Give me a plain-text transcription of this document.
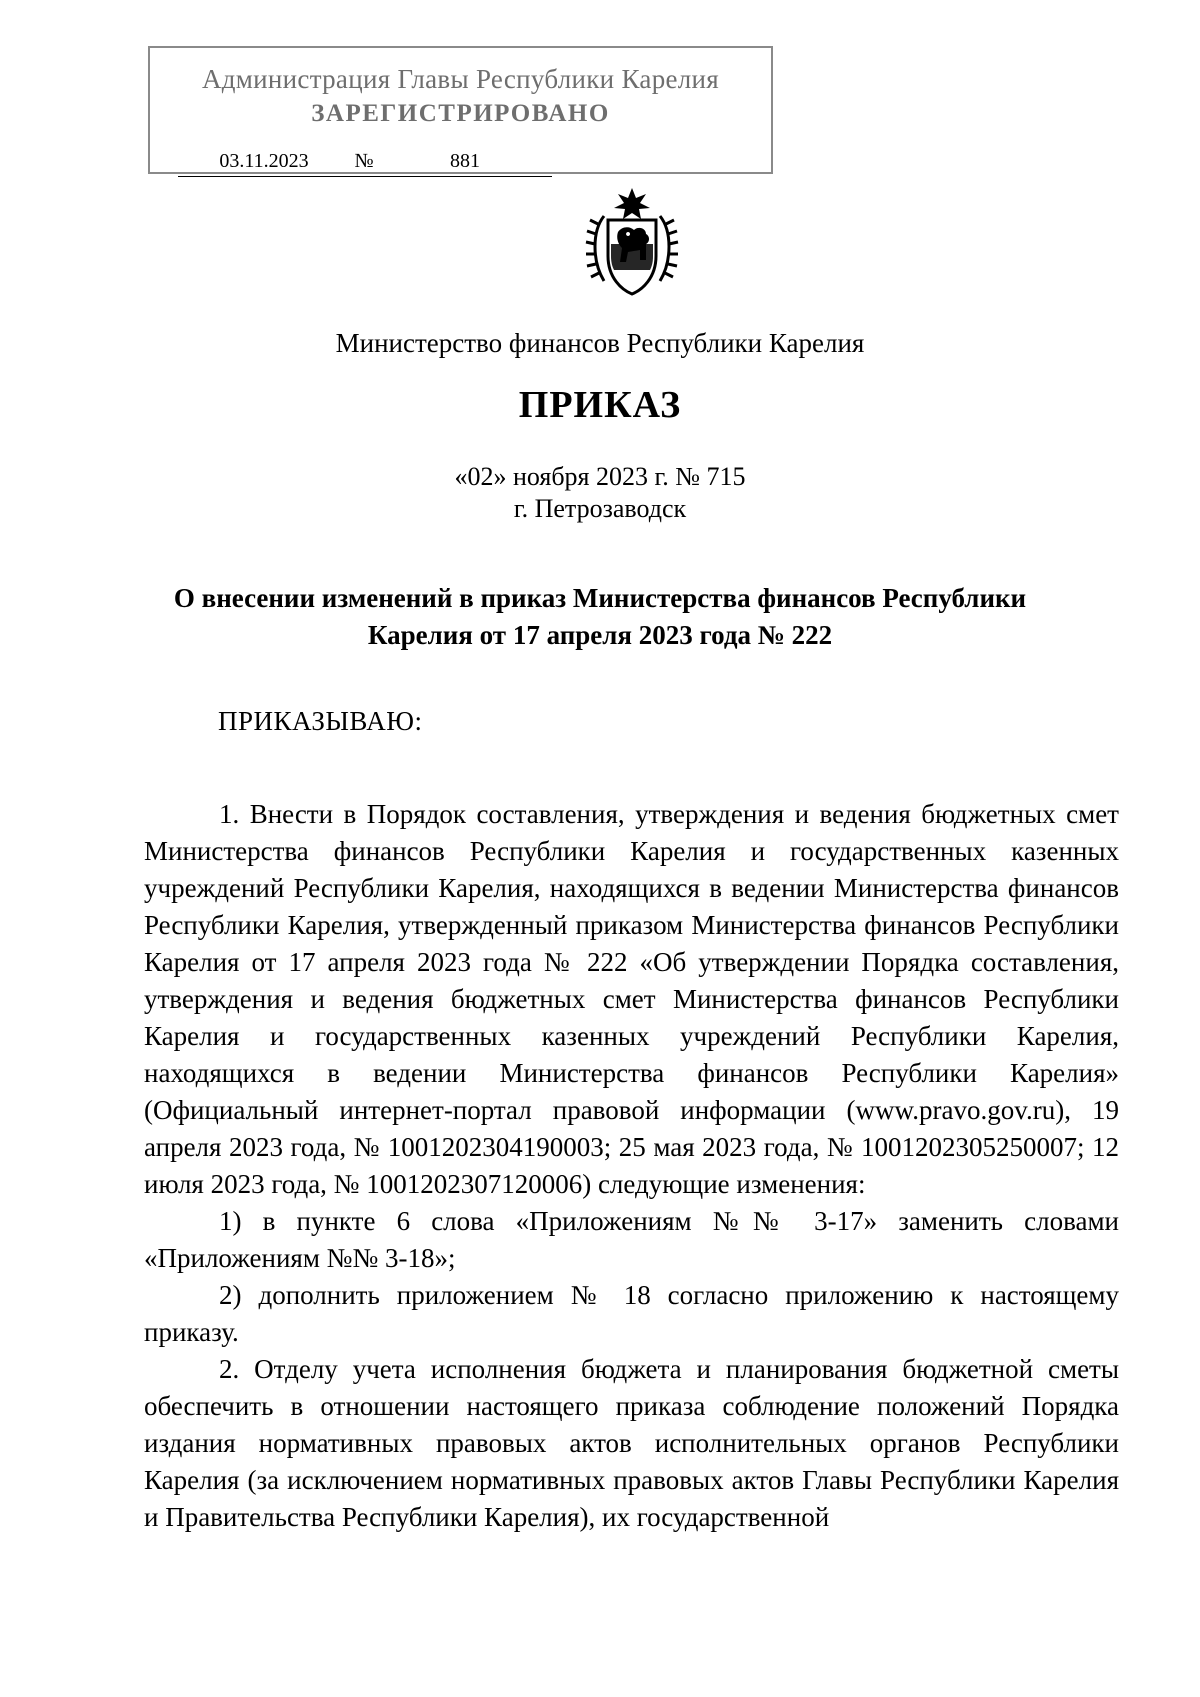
Администрация Главы Республики Карелия
ЗАРЕГИСТРИРОВАНО
03.11.2023	№	881
Министерство финансов Республики Карелия
ПРИКАЗ
«02» ноября 2023 г. № 715
г. Петрозаводск
О внесении изменений в приказ Министерства финансов Республики
Карелия от 17 апреля 2023 года № 222
ПРИКАЗЫВАЮ:

1. Внести в Порядок составления, утверждения и ведения бюджетных смет Министерства финансов Республики Карелия и государственных казенных учреждений Республики Карелия, находящихся в ведении Министерства финансов Республики Карелия, утвержденный приказом Министерства финансов Республики Карелия от 17 апреля 2023 года № 222 «Об утверждении Порядка составления, утверждения и ведения бюджетных смет Министерства финансов Республики Карелия и государственных казенных учреждений Республики Карелия, находящихся в ведении Министерства финансов Республики Карелия» (Официальный интернет-портал правовой информации (www.pravo.gov.ru), 19 апреля 2023 года, № 1001202304190003; 25 мая 2023 года, № 1001202305250007; 12 июля 2023 года, № 1001202307120006) следующие изменения:

1) в пункте 6 слова «Приложениям №№ 3-17» заменить словами «Приложениям №№ 3-18»;

2) дополнить приложением № 18 согласно приложению к настоящему приказу.

2. Отделу учета исполнения бюджета и планирования бюджетной сметы обеспечить в отношении настоящего приказа соблюдение положений Порядка издания нормативных правовых актов исполнительных органов Республики Карелия (за исключением нормативных правовых актов Главы Республики Карелия и Правительства Республики Карелия), их государственной
